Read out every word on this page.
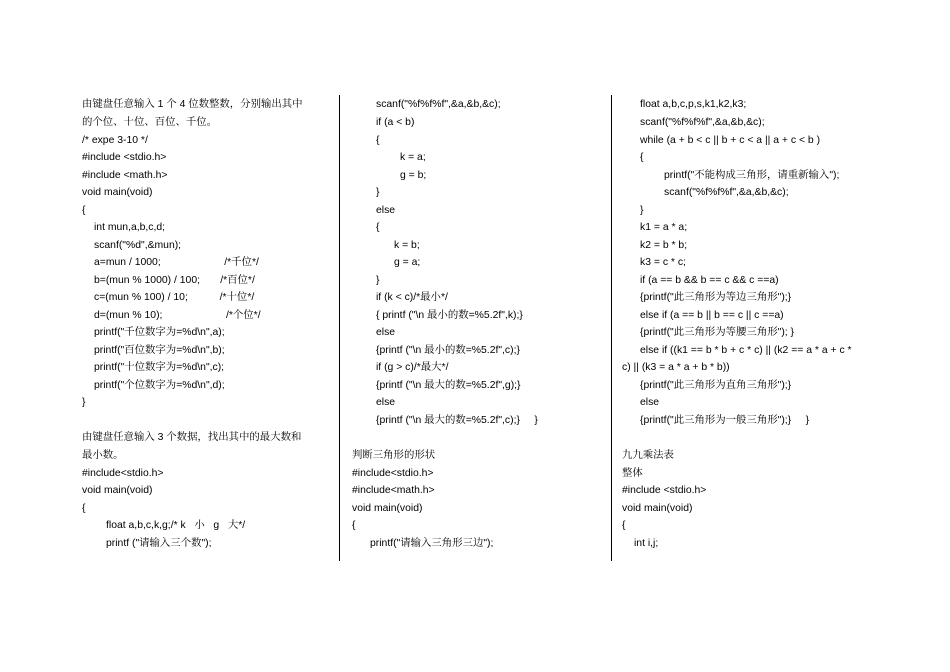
由键盘任意输入 1 个 4 位数整数，分别输出其中
的个位、十位、百位、千位。
/* expe 3-10 */
#include <stdio.h>
#include <math.h>
void main(void)
{
int mun,a,b,c,d;
scanf("%d",&mun);
a=mun / 1000;                      /*千位*/
b=(mun % 1000) / 100;       /*百位*/
c=(mun % 100) / 10;           /*十位*/
d=(mun % 10);                      /*个位*/
printf("千位数字为=%d\n",a);
printf("百位数字为=%d\n",b);
printf("十位数字为=%d\n",c);
printf("个位数字为=%d\n",d);
}
由键盘任意输入 3 个数据，找出其中的最大数和
最小数。
#include<stdio.h>
void main(void)
{
float a,b,c,k,g;/* k   小   g   大*/
printf ("请输入三个数");
scanf("%f%f%f",&a,&b,&c);
if (a < b)
{
k = a;
g = b;
}
else
{
k = b;
g = a;
}
if (k < c)/*最小*/
{ printf ("\n 最小的数=%5.2f",k);}
else
{printf ("\n 最小的数=%5.2f",c);}
if (g > c)/*最大*/
{printf ("\n 最大的数=%5.2f",g);}
else
{printf ("\n 最大的数=%5.2f",c);}     }
判断三角形的形状
#include<stdio.h>
#include<math.h>
void main(void)
{
printf("请输入三角形三边");
float a,b,c,p,s,k1,k2,k3;
scanf("%f%f%f",&a,&b,&c);
while (a + b < c || b + c < a || a + c < b )
{
printf("不能构成三角形，请重新输入");
scanf("%f%f%f",&a,&b,&c);
}
k1 = a * a;
k2 = b * b;
k3 = c * c;
if (a == b && b == c && c ==a)
{printf("此三角形为等边三角形");}
else if (a == b || b == c || c ==a)
{printf("此三角形为等腰三角形"); }
else if ((k1 == b * b + c * c) || (k2 == a * a + c *
c) || (k3 = a * a + b * b))
{printf("此三角形为直角三角形");}
else
{printf("此三角形为一般三角形");}     }
九九乘法表
整体
#include <stdio.h>
void main(void)
{
int i,j;
